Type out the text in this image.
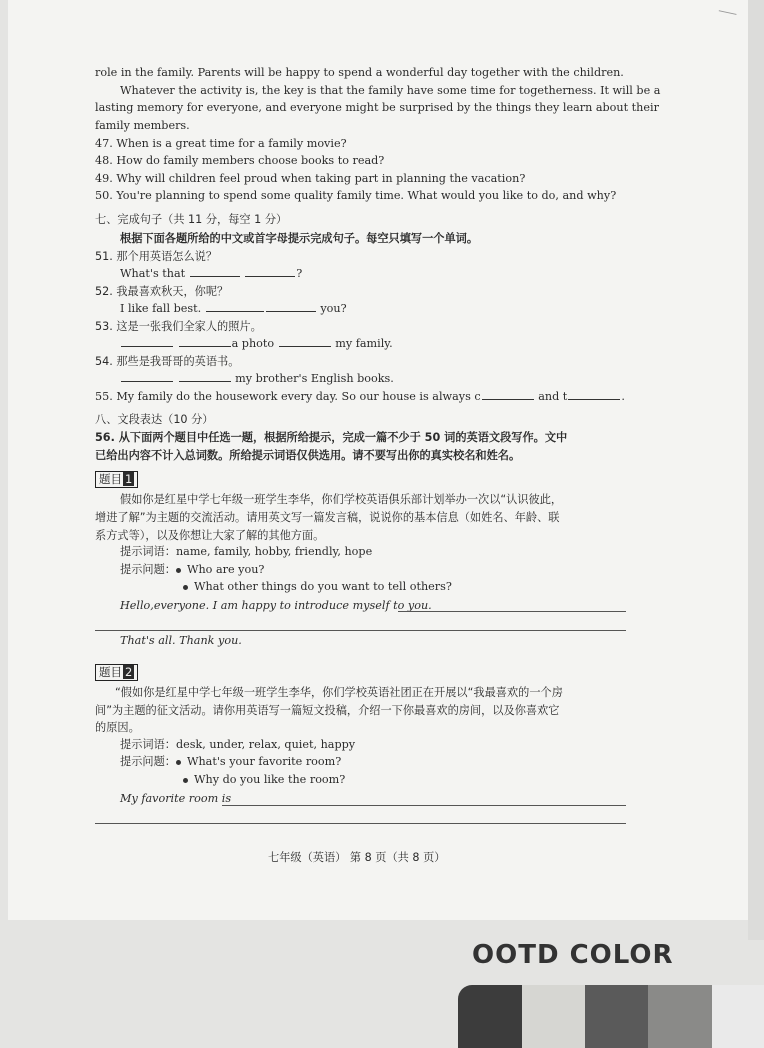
role in the family. Parents will be happy to spend a wonderful day together with the children.
Whatever the activity is, the key is that the family have some time for togetherness. It will be a
lasting memory for everyone, and everyone might be surprised by the things they learn about their
family members.
47. When is a great time for a family movie?
48. How do family members choose books to read?
49. Why will children feel proud when taking part in planning the vacation?
50. You're planning to spend some quality family time. What would you like to do, and why?
七、完成句子（共 11 分，每空 1 分）
根据下面各题所给的中文或首字母提示完成句子。每空只填写一个单词。
51. 那个用英语怎么说？
What's that	?
52. 我最喜欢秋天，你呢？
I like fall best.	you?
53. 这是一张我们全家人的照片。
a photo	my family.
54. 那些是我哥哥的英语书。
my brother's English books.
55. My family do the housework every day. So our house is always c	and t	.
八、文段表达（10 分）
56. 从下面两个题目中任选一题，根据所给提示，完成一篇不少于 50 词的英语文段写作。文中
已给出内容不计入总词数。所给提示词语仅供选用。请不要写出你的真实校名和姓名。
题目 1
假如你是红星中学七年级一班学生李华，你们学校英语俱乐部计划举办一次以“认识彼此，
增进了解”为主题的交流活动。请用英文写一篇发言稿，说说你的基本信息（如姓名、年龄、联
系方式等），以及你想让大家了解的其他方面。
提示词语：name, family, hobby, friendly, hope
提示问题： Who are you?
What other things do you want to tell others?
Hello,everyone. I am happy to introduce myself to you.
That's all. Thank you.
题目 2
“假如你是红星中学七年级一班学生李华，你们学校英语社团正在开展以“我最喜欢的一个房
间”为主题的征文活动。请你用英语写一篇短文投稿，介绍一下你最喜欢的房间，以及你喜欢它
的原因。
提示词语：desk, under, relax, quiet, happy
提示问题： What's your favorite room?
Why do you like the room?
My favorite room is
七年级（英语） 第 8 页（共 8 页）
OOTD COLOR
